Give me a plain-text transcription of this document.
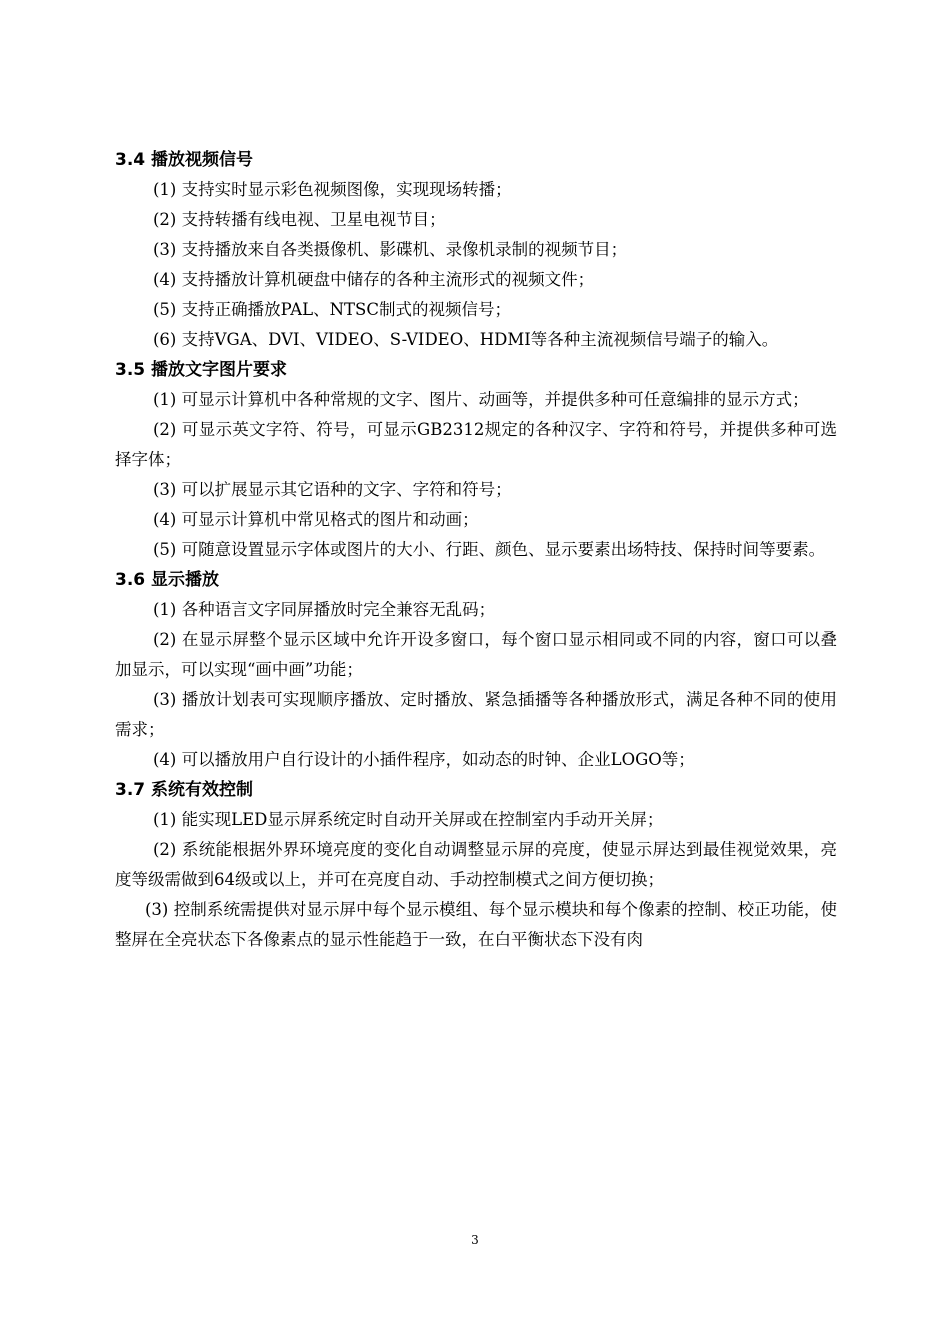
3.4 播放视频信号

(1) 支持实时显示彩色视频图像，实现现场转播；

(2) 支持转播有线电视、卫星电视节目；

(3) 支持播放来自各类摄像机、影碟机、录像机录制的视频节目；

(4) 支持播放计算机硬盘中储存的各种主流形式的视频文件；

(5) 支持正确播放PAL、NTSC制式的视频信号；

(6) 支持VGA、DVI、VIDEO、S-VIDEO、HDMI等各种主流视频信号端子的输入。

3.5 播放文字图片要求

(1) 可显示计算机中各种常规的文字、图片、动画等，并提供多种可任意编排的显示方式；

(2) 可显示英文字符、符号，可显示GB2312规定的各种汉字、字符和符号，并提供多种可选择字体；

(3) 可以扩展显示其它语种的文字、字符和符号；

(4) 可显示计算机中常见格式的图片和动画；

(5) 可随意设置显示字体或图片的大小、行距、颜色、显示要素出场特技、保持时间等要素。

3.6 显示播放

(1) 各种语言文字同屏播放时完全兼容无乱码；

(2) 在显示屏整个显示区域中允许开设多窗口，每个窗口显示相同或不同的内容，窗口可以叠加显示，可以实现“画中画”功能；

(3) 播放计划表可实现顺序播放、定时播放、紧急插播等各种播放形式，满足各种不同的使用需求；

(4) 可以播放用户自行设计的小插件程序，如动态的时钟、企业LOGO等；

3.7 系统有效控制

(1) 能实现LED显示屏系统定时自动开关屏或在控制室内手动开关屏；

(2) 系统能根据外界环境亮度的变化自动调整显示屏的亮度，使显示屏达到最佳视觉效果，亮度等级需做到64级或以上，并可在亮度自动、手动控制模式之间方便切换；

(3) 控制系统需提供对显示屏中每个显示模组、每个显示模块和每个像素的控制、校正功能，使整屏在全亮状态下各像素点的显示性能趋于一致，在白平衡状态下没有肉

3
